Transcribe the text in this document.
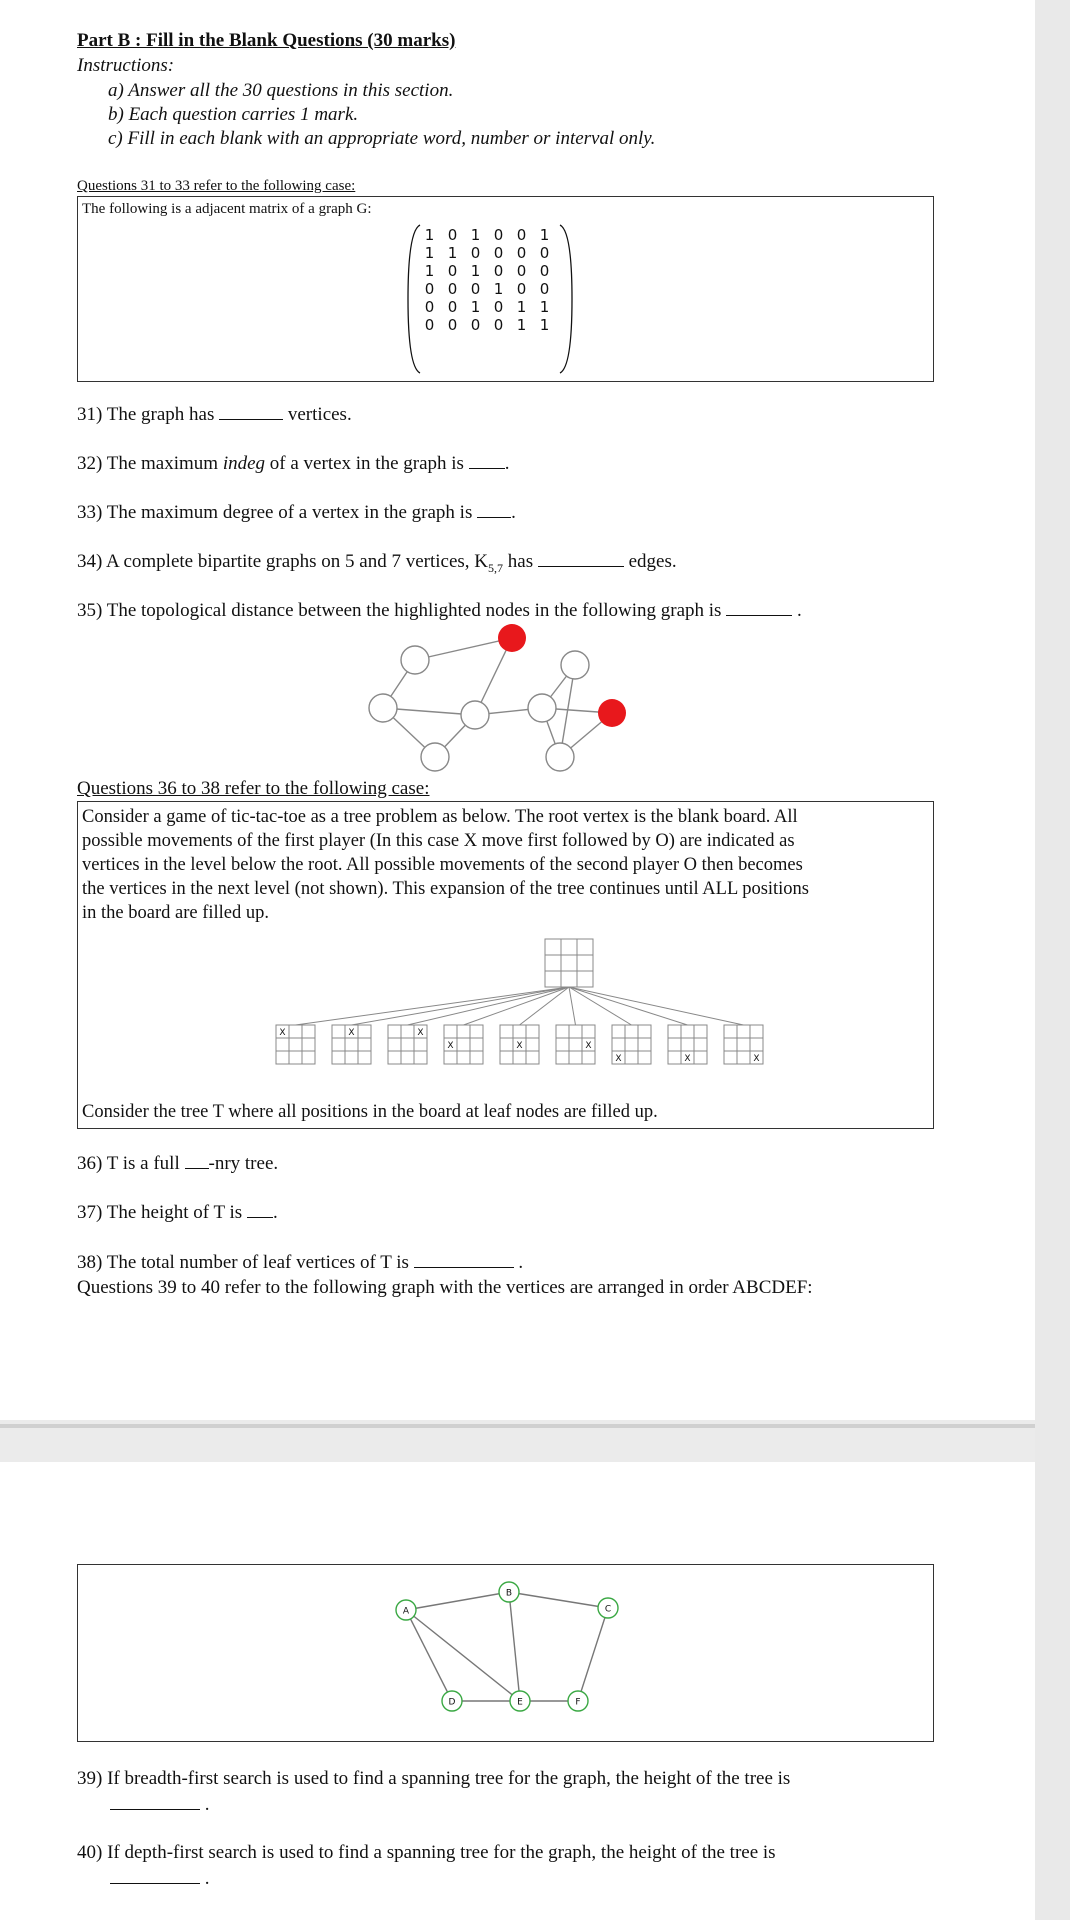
Part B : Fill in the Blank Questions (30 marks)
Instructions:
a) Answer all the 30 questions in this section.
b) Each question carries 1 mark.
c) Fill in each blank with an appropriate word, number or interval only.
Questions 31 to 33 refer to the following case:
The following is a adjacent matrix of a graph G:
1 0 1 0 0 1
1 1 0 0 0 0
1 0 1 0 0 0
0 0 0 1 0 0
0 0 1 0 1 1
0 0 0 0 1 1
31) The graph has	vertices.
32) The maximum indeg of a vertex in the graph is .
33) The maximum degree of a vertex in the graph is .
34) A complete bipartite graphs on 5 and 7 vertices, $K_{5,7}$ has	edges.
35) The topological distance between the highlighted nodes in the following graph is	.
Questions 36 to 38 refer to the following case:
Consider a game of tic-tac-toe as a tree problem as below. The root vertex is the blank board. All
possible movements of the first player (In this case X move first followed by O) are indicated as
vertices in the level below the root. All possible movements of the second player O then becomes
the vertices in the next level (not shown). This expansion of the tree continues until ALL positions
in the board are filled up.
X	X	X
X	X	X
X	X	X
Consider the tree T where all positions in the board at leaf nodes are filled up.
36) T is a full -nry tree.
37) The height of T is .
38) The total number of leaf vertices of T is	.
Questions 39 to 40 refer to the following graph with the vertices are arranged in order ABCDEF:
A
B
C
D	E	F
39) If breadth-first search is used to find a spanning tree for the graph, the height of the tree is
.
40) If depth-first search is used to find a spanning tree for the graph, the height of the tree is
.
